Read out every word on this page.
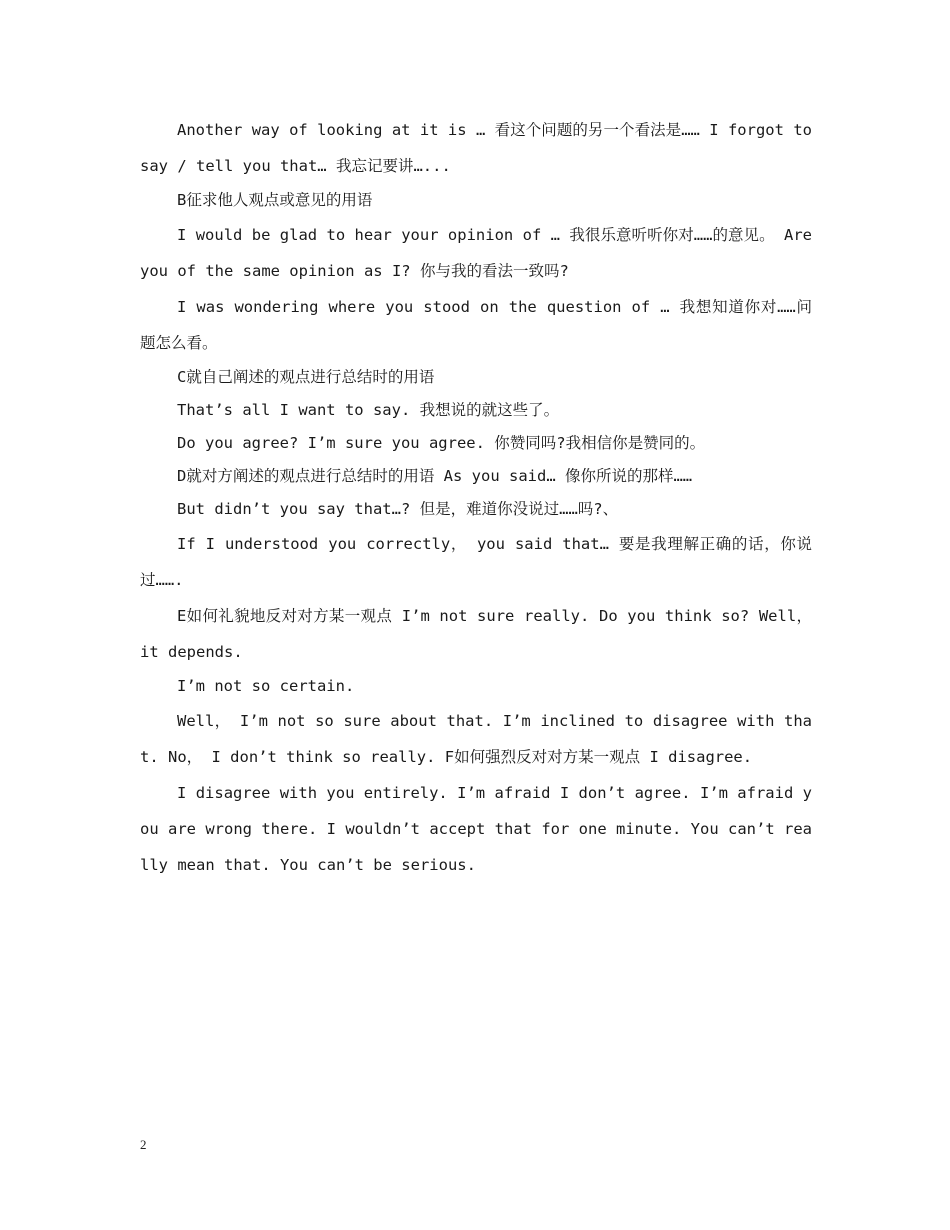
Another way of looking at it is … 看这个问题的另一个看法是…… I forgot to say / tell you that… 我忘记要讲…...

B征求他人观点或意见的用语

I would be glad to hear your opinion of … 我很乐意听听你对……的意见。 Are you of the same opinion as I? 你与我的看法一致吗?

I was wondering where you stood on the question of … 我想知道你对……问题怎么看。

C就自己阐述的观点进行总结时的用语

That’s all I want to say. 我想说的就这些了。

Do you agree? I’m sure you agree. 你赞同吗?我相信你是赞同的。

D就对方阐述的观点进行总结时的用语 As you said… 像你所说的那样……

But didn’t you say that…? 但是，难道你没说过……吗?、

If I understood you correctly， you said that… 要是我理解正确的话，你说过…….

E如何礼貌地反对对方某一观点 I’m not sure really. Do you think so? Well， it depends.

I’m not so certain.

Well， I’m not so sure about that. I’m inclined to disagree with that. No， I don’t think so really. F如何强烈反对对方某一观点 I disagree.

I disagree with you entirely. I’m afraid I don’t agree. I’m afraid you are wrong there. I wouldn’t accept that for one minute. You can’t really mean that. You can’t be serious.

2
